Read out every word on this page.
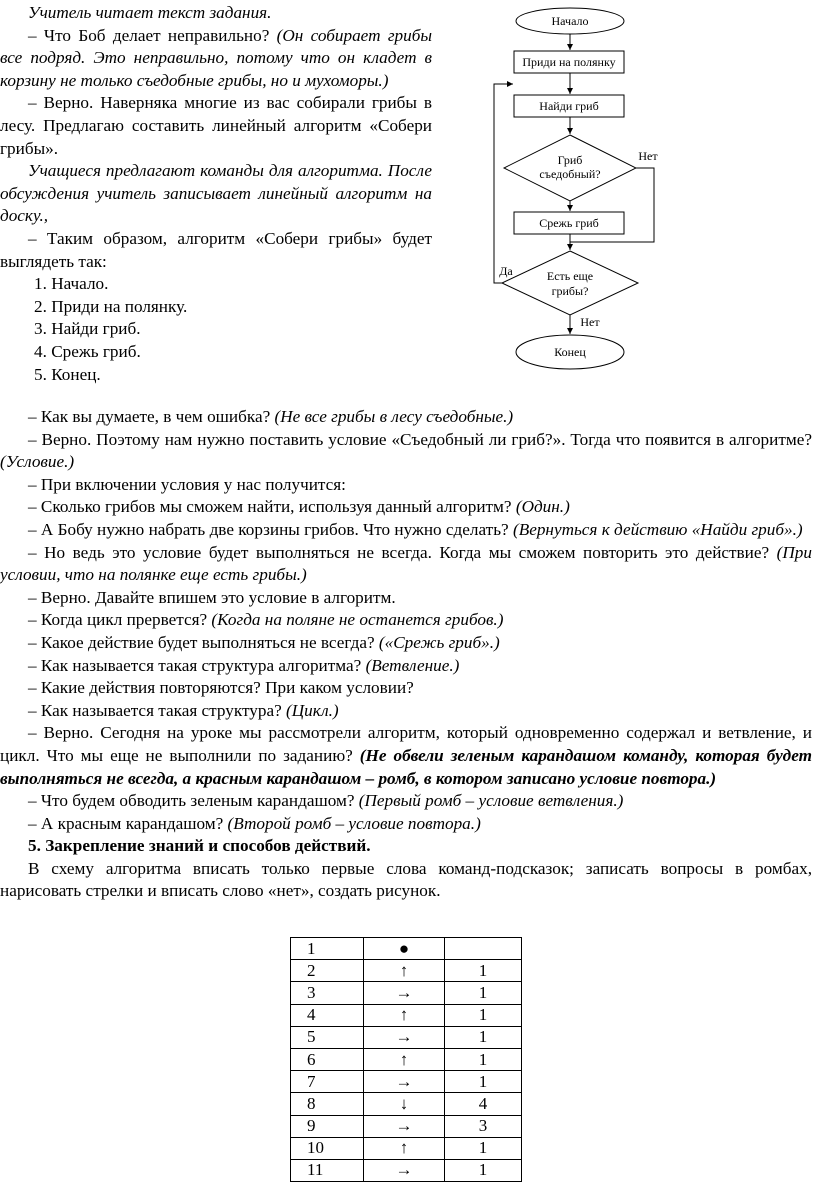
Учитель читает текст задания.

– Что Боб делает неправильно? (Он собирает грибы все подряд. Это неправильно, потому что он кладет в корзину не только съедобные грибы, но и мухоморы.)

– Верно. Наверняка многие из вас собирали грибы в лесу. Предлагаю составить линейный алгоритм «Собери грибы».

Учащиеся предлагают команды для алгоритма. После обсуждения учитель записывает линейный алгоритм на доску.,

– Таким образом, алгоритм «Собери грибы» будет выглядеть так:

1. Начало.
2. Приди на полянку.
3. Найди гриб.
4. Срежь гриб.
5. Конец.
Начало
Приди на полянку
Найди гриб
Гриб
съедобный?
Нет
Срежь гриб
Да	Есть еще
грибы?
Нет
Конец

– Как вы думаете, в чем ошибка? (Не все грибы в лесу съедобные.)

– Верно. Поэтому нам нужно поставить условие «Съедобный ли гриб?». Тогда что появится в алгоритме? (Условие.)

– При включении условия у нас получится:

– Сколько грибов мы сможем найти, используя данный алгоритм? (Один.)

– А Бобу нужно набрать две корзины грибов. Что нужно сделать? (Вернуться к действию «Найди гриб».)

– Но ведь это условие будет выполняться не всегда. Когда мы сможем повторить это действие? (При условии, что на полянке еще есть грибы.)

– Верно. Давайте впишем это условие в алгоритм.

– Когда цикл прервется? (Когда на поляне не останется грибов.)

– Какое действие будет выполняться не всегда? («Срежь гриб».)

– Как называется такая структура алгоритма? (Ветвление.)

– Какие действия повторяются? При каком условии?

– Как называется такая структура? (Цикл.)

– Верно. Сегодня на уроке мы рассмотрели алгоритм, который одновременно содержал и ветвление, и цикл. Что мы еще не выполнили по заданию? (Не обвели зеленым карандашом команду, которая будет выполняться не всегда, а красным карандашом – ромб, в котором записано условие повтора.)

– Что будем обводить зеленым карандашом? (Первый ромб – условие ветвления.)

– А красным карандашом? (Второй ромб – условие повтора.)

5. Закрепление знаний и способов действий.

В схему алгоритма вписать только первые слова команд-подсказок; записать вопросы в ромбах, нарисовать стрелки и вписать слово «нет», создать рисунок.

1	●	
2	↑	1
3	→	1
4	↑	1
5	→	1
6	↑	1
7	→	1
8	↓	4
9	→	3
10	↑	1
11	→	1
